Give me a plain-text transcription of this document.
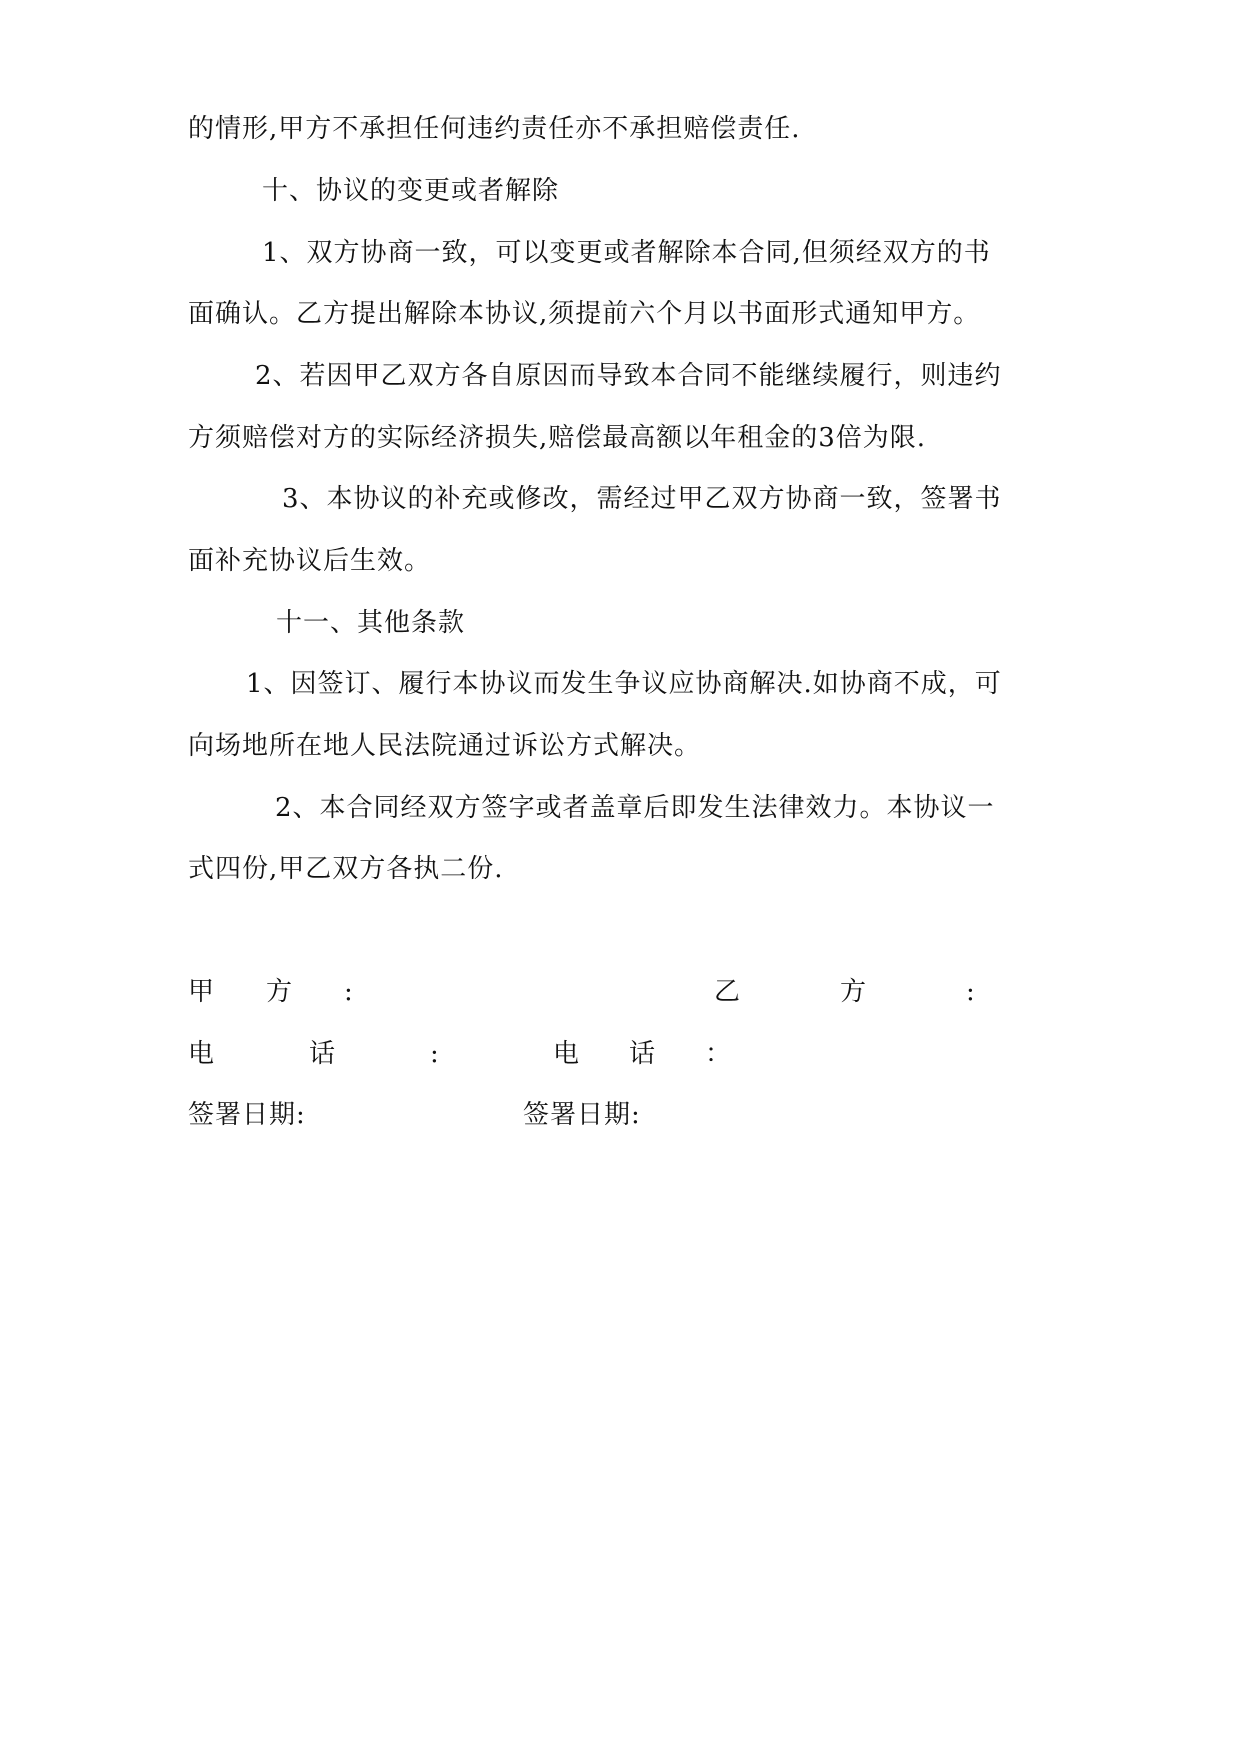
的情形,甲方不承担任何违约责任亦不承担赔偿责任.
十、协议的变更或者解除
1、双方协商一致，可以变更或者解除本合同,但须经双方的书
面确认。乙方提出解除本协议,须提前六个月以书面形式通知甲方。
2、若因甲乙双方各自原因而导致本合同不能继续履行，则违约
方须赔偿对方的实际经济损失,赔偿最高额以年租金的3倍为限.
3、本协议的补充或修改，需经过甲乙双方协商一致，签署书
面补充协议后生效。
十一、其他条款
1、因签订、履行本协议而发生争议应协商解决.如协商不成，可
向场地所在地人民法院通过诉讼方式解决。
2、本合同经双方签字或者盖章后即发生法律效力。本协议一
式四份,甲乙双方各执二份.
甲方:	乙方:
电话: 电话：
签署日期:	签署日期:
